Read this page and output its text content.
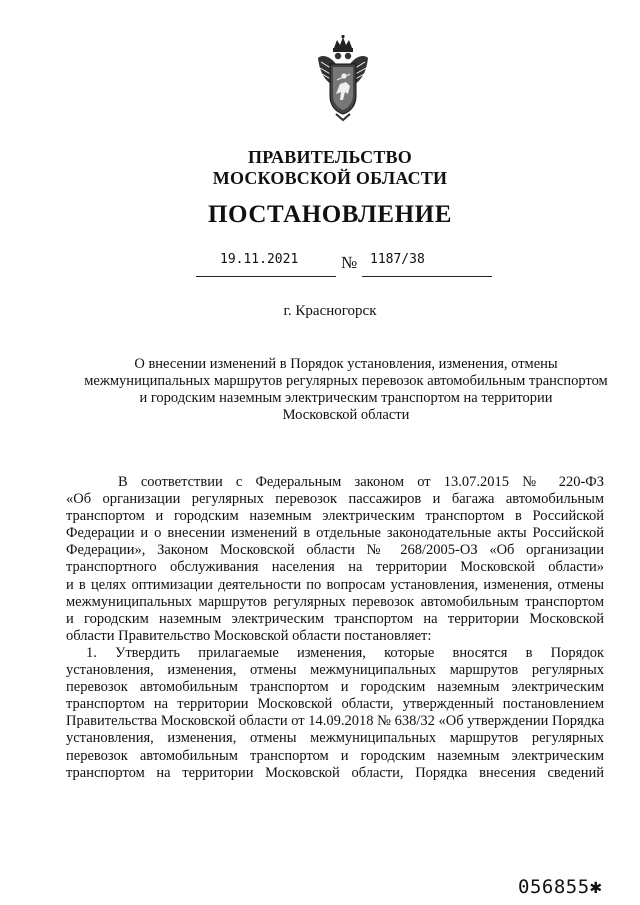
ПРАВИТЕЛЬСТВО
МОСКОВСКОЙ ОБЛАСТИ
ПОСТАНОВЛЕНИЕ
19.11.2021	№ 1187/38
г. Красногорск
О внесении изменений в Порядок установления, изменения, отмены
межмуниципальных маршрутов регулярных перевозок автомобильным транспортом
и городским наземным электрическим транспортом на территории
Московской области
В соответствии с Федеральным законом от 13.07.2015 № 220-ФЗ
«Об организации регулярных перевозок пассажиров и багажа автомобильным
транспортом и городским наземным электрическим транспортом в Российской
Федерации и о внесении изменений в отдельные законодательные акты Российской
Федерации», Законом Московской области № 268/2005-ОЗ «Об организации
транспортного обслуживания населения на территории Московской области»
и в целях оптимизации деятельности по вопросам установления, изменения, отмены
межмуниципальных маршрутов регулярных перевозок автомобильным транспортом
и городским наземным электрическим транспортом на территории Московской
области Правительство Московской области постановляет:
1. Утвердить прилагаемые изменения, которые вносятся в Порядок
установления, изменения, отмены межмуниципальных маршрутов регулярных
перевозок автомобильным транспортом и городским наземным электрическим
транспортом на территории Московской области, утвержденный постановлением
Правительства Московской области от 14.09.2018 № 638/32 «Об утверждении Порядка
установления, изменения, отмены межмуниципальных маршрутов регулярных
перевозок автомобильным транспортом и городским наземным электрическим
транспортом на территории Московской области, Порядка внесения сведений
056855✱
